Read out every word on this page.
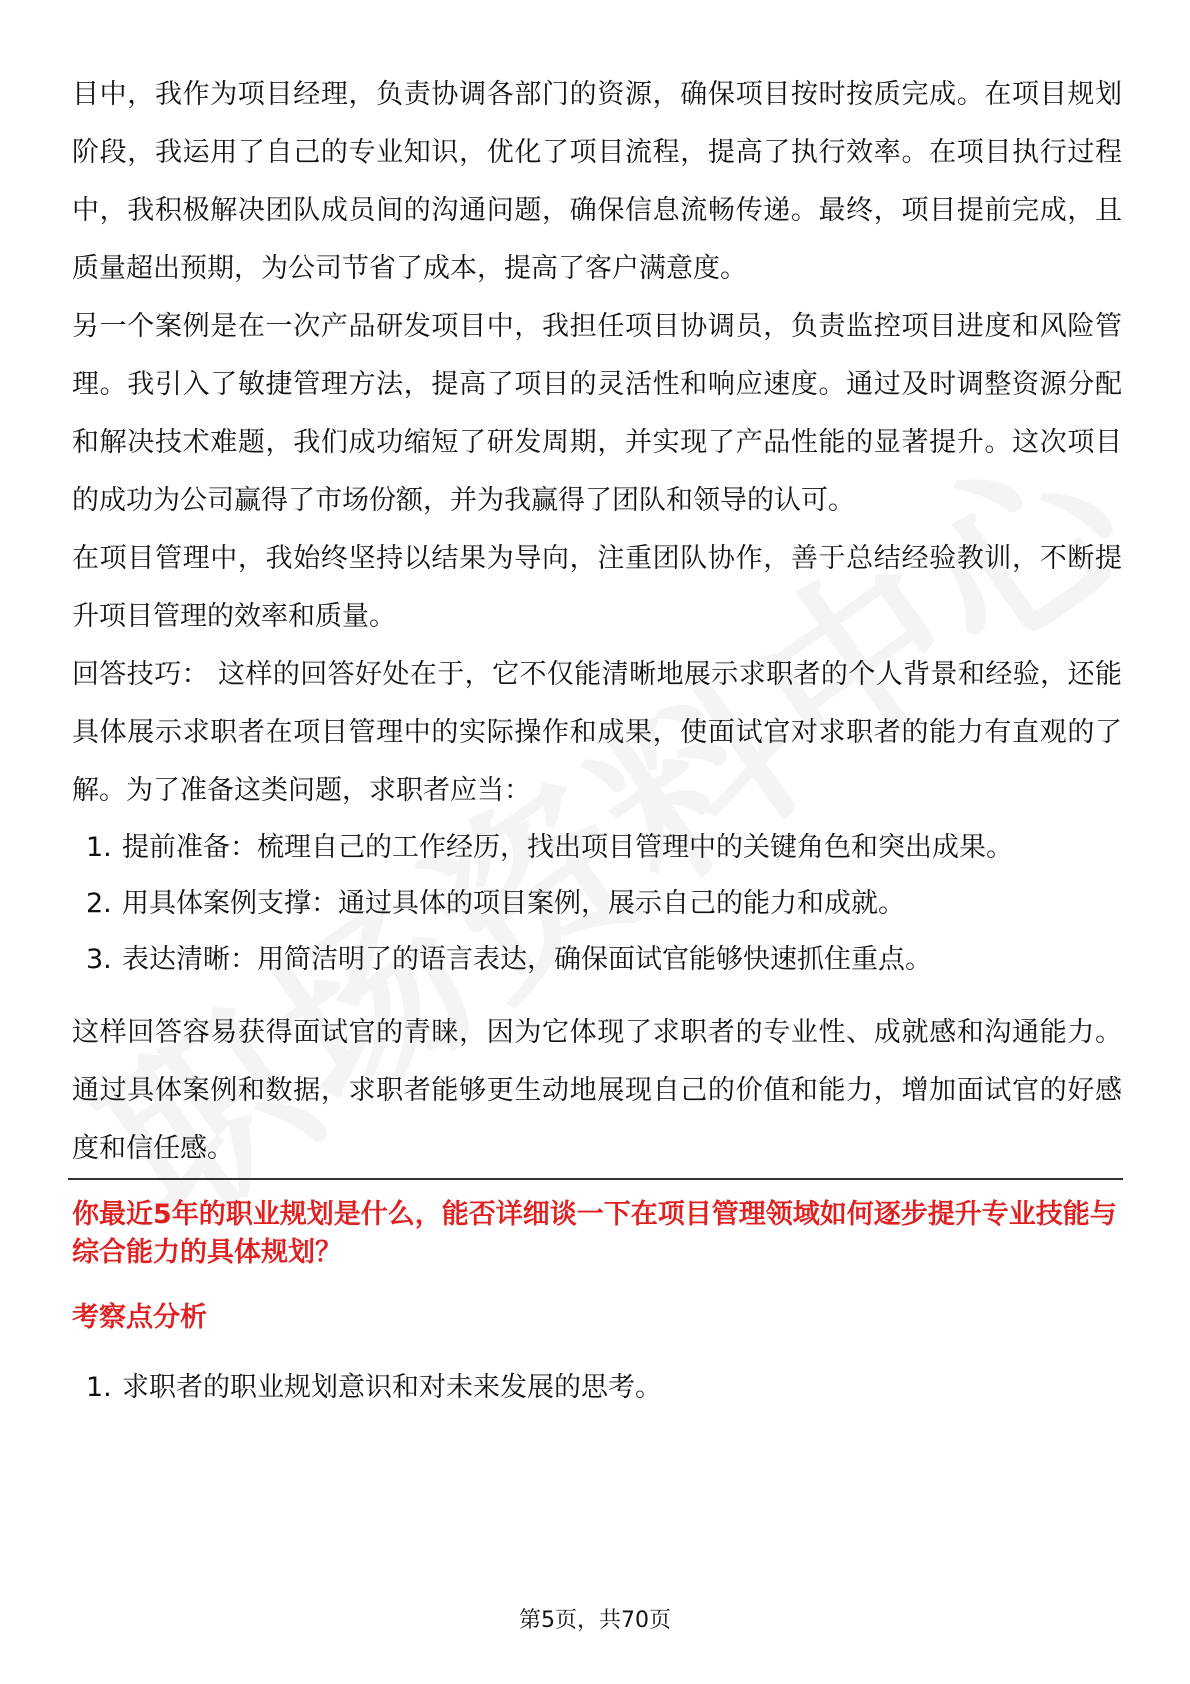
目中，我作为项目经理，负责协调各部门的资源，确保项目按时按质完成。在项目规划阶段，我运用了自己的专业知识，优化了项目流程，提高了执行效率。在项目执行过程中，我积极解决团队成员间的沟通问题，确保信息流畅传递。最终，项目提前完成，且质量超出预期，为公司节省了成本，提高了客户满意度。

另一个案例是在一次产品研发项目中，我担任项目协调员，负责监控项目进度和风险管理。我引入了敏捷管理方法，提高了项目的灵活性和响应速度。通过及时调整资源分配和解决技术难题，我们成功缩短了研发周期，并实现了产品性能的显著提升。这次项目的成功为公司赢得了市场份额，并为我赢得了团队和领导的认可。

在项目管理中，我始终坚持以结果为导向，注重团队协作，善于总结经验教训，不断提升项目管理的效率和质量。

回答技巧： 这样的回答好处在于，它不仅能清晰地展示求职者的个人背景和经验，还能具体展示求职者在项目管理中的实际操作和成果，使面试官对求职者的能力有直观的了解。为了准备这类问题，求职者应当：

1. 提前准备：梳理自己的工作经历，找出项目管理中的关键角色和突出成果。
2. 用具体案例支撑：通过具体的项目案例，展示自己的能力和成就。
3. 表达清晰：用简洁明了的语言表达，确保面试官能够快速抓住重点。

这样回答容易获得面试官的青睐，因为它体现了求职者的专业性、成就感和沟通能力。通过具体案例和数据，求职者能够更生动地展现自己的价值和能力，增加面试官的好感度和信任感。

你最近5年的职业规划是什么，能否详细谈一下在项目管理领域如何逐步提升专业技能与综合能力的具体规划？
考察点分析
1. 求职者的职业规划意识和对未来发展的思考。
第5页，共70页
